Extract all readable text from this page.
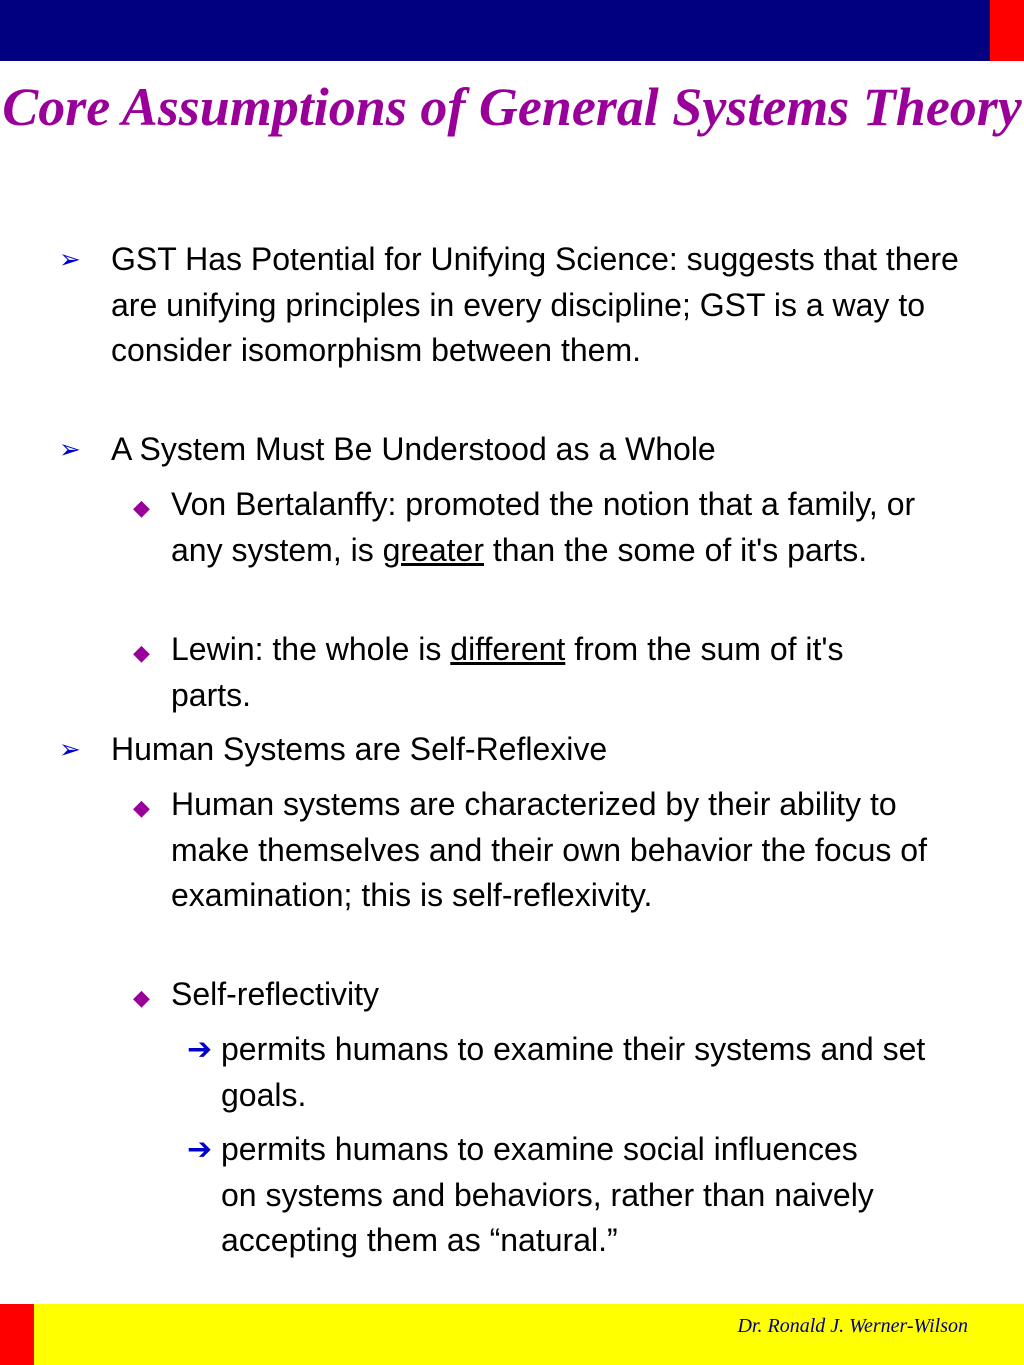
Core Assumptions of General Systems Theory
➢ GST Has Potential for Unifying Science: suggests that there are unifying principles in every discipline; GST is a way to consider isomorphism between them.
➢ A System Must Be Understood as a Whole
◆ Von Bertalanffy: promoted the notion that a family, or any system, is greater than the some of it's parts.
◆ Lewin: the whole is different from the sum of it's parts.
➢ Human Systems are Self-Reflexive
◆ Human systems are characterized by their ability to make themselves and their own behavior the focus of examination; this is self-reflexivity.
◆ Self-reflectivity
➔ permits humans to examine their systems and set goals.
➔ permits humans to examine social influences on systems and behaviors, rather than naively accepting them as “natural.”
Dr. Ronald J. Werner-Wilson
